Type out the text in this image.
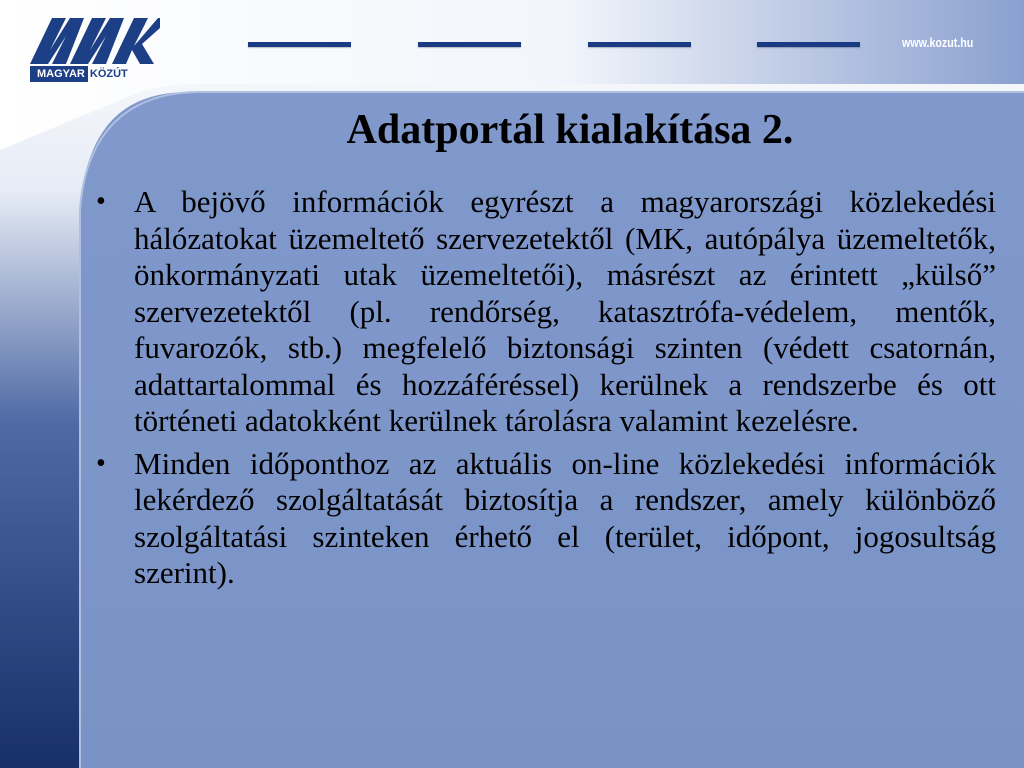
MAGYAR KÖZÚT
www.kozut.hu
Adatportál kialakítása 2.
• A bejövő információk egyrészt a magyarországi közlekedési hálózatokat üzemeltető szervezetektől (MK, autópálya üzemeltetők, önkormányzati utak üzemeltetői), másrészt az érintett „külső” szervezetektől (pl. rendőrség, katasztrófa-védelem, mentők, fuvarozók, stb.) megfelelő biztonsági szinten (védett csatornán, adattartalommal és hozzáféréssel) kerülnek a rendszerbe és ott történeti adatokként kerülnek tárolásra valamint kezelésre.
• Minden időponthoz az aktuális on-line közlekedési információk lekérdező szolgáltatását biztosítja a rendszer, amely különböző szolgáltatási szinteken érhető el (terület, időpont, jogosultság szerint).
